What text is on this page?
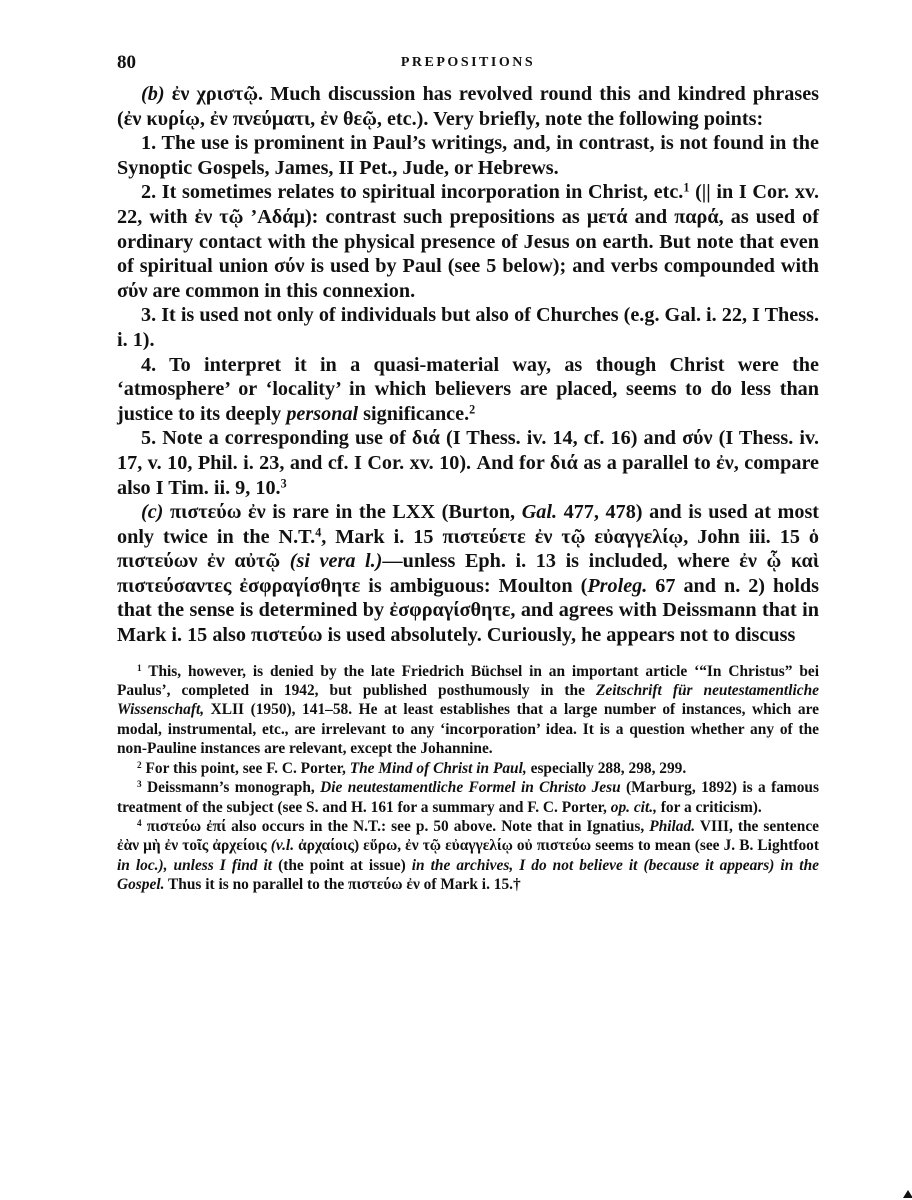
80	PREPOSITIONS

(b) ἐν χριστῷ. Much discussion has revolved round this and kindred phrases (ἐν κυρίῳ, ἐν πνεύματι, ἐν θεῷ, etc.). Very briefly, note the following points:

1. The use is prominent in Paul’s writings, and, in contrast, is not found in the Synoptic Gospels, James, II Pet., Jude, or Hebrews.

2. It sometimes relates to spiritual incorporation in Christ, etc.$^1$ (|| in I Cor. xv. 22, with ἐν τῷ ’Αδάμ): contrast such prepositions as μετά and παρά, as used of ordinary contact with the physical presence of Jesus on earth. But note that even of spiritual union σύν is used by Paul (see 5 below); and verbs compounded with σύν are common in this connexion.

3. It is used not only of individuals but also of Churches (e.g. Gal. i. 22, I Thess. i. 1).

4. To interpret it in a quasi-material way, as though Christ were the ‘atmosphere’ or ‘locality’ in which believers are placed, seems to do less than justice to its deeply personal significance.$^2$

5. Note a corresponding use of διά (I Thess. iv. 14, cf. 16) and σύν (I Thess. iv. 17, v. 10, Phil. i. 23, and cf. I Cor. xv. 10). And for διά as a parallel to ἐν, compare also I Tim. ii. 9, 10.$^3$

(c) πιστεύω ἐν is rare in the LXX (Burton, Gal. 477, 478) and is used at most only twice in the N.T.$^4$, Mark i. 15 πιστεύετε ἐν τῷ εὐαγγελίῳ, John iii. 15 ὁ πιστεύων ἐν αὐτῷ (si vera l.)—unless Eph. i. 13 is included, where ἐν ᾧ καὶ πιστεύσαντες ἐσφραγίσθητε is ambiguous: Moulton (Proleg. 67 and n. 2) holds that the sense is determined by ἐσφραγίσθητε, and agrees with Deissmann that in Mark i. 15 also πιστεύω is used absolutely. Curiously, he appears not to discuss

$^1$ This, however, is denied by the late Friedrich Büchsel in an important article ‘“In Christus” bei Paulus’, completed in 1942, but published posthumously in the Zeitschrift für neutestamentliche Wissenschaft, XLII (1950), 141–58. He at least establishes that a large number of instances, which are modal, instrumental, etc., are irrelevant to any ‘incorporation’ idea. It is a question whether any of the non-Pauline instances are relevant, except the Johannine.

$^2$ For this point, see F. C. Porter, The Mind of Christ in Paul, especially 288, 298, 299.

$^3$ Deissmann’s monograph, Die neutestamentliche Formel in Christo Jesu (Marburg, 1892) is a famous treatment of the subject (see S. and H. 161 for a summary and F. C. Porter, op. cit., for a criticism).

$^4$ πιστεύω ἐπί also occurs in the N.T.: see p. 50 above. Note that in Ignatius, Philad. VIII, the sentence ἐὰν μὴ ἐν τοῖς ἀρχείοις (v.l. ἀρχαίοις) εὕρω, ἐν τῷ εὐαγγελίῳ οὐ πιστεύω seems to mean (see J. B. Lightfoot in loc.), unless I find it (the point at issue) in the archives, I do not believe it (because it appears) in the Gospel. Thus it is no parallel to the πιστεύω ἐν of Mark i. 15.†
